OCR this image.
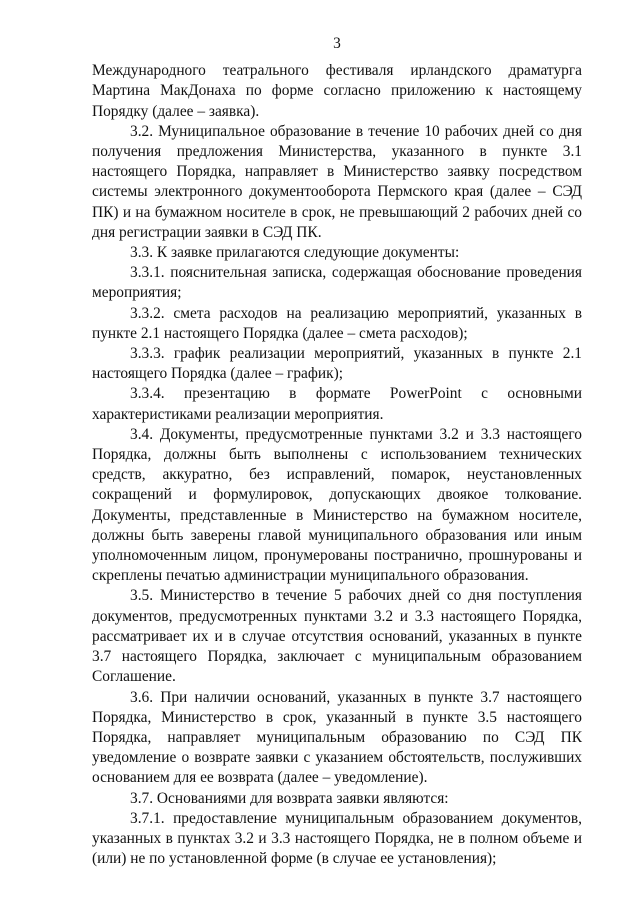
3

Международного театрального фестиваля ирландского драматурга Мартина МакДонаха по форме согласно приложению к настоящему Порядку (далее – заявка).

3.2. Муниципальное образование в течение 10 рабочих дней со дня получения предложения Министерства, указанного в пункте 3.1 настоящего Порядка, направляет в Министерство заявку посредством системы электронного документооборота Пермского края (далее – СЭД ПК) и на бумажном носителе в срок, не превышающий 2 рабочих дней со дня регистрации заявки в СЭД ПК.

3.3. К заявке прилагаются следующие документы:

3.3.1. пояснительная записка, содержащая обоснование проведения мероприятия;

3.3.2. смета расходов на реализацию мероприятий, указанных в пункте 2.1 настоящего Порядка (далее – смета расходов);

3.3.3. график реализации мероприятий, указанных в пункте 2.1 настоящего Порядка (далее – график);

3.3.4. презентацию в формате PowerPoint с основными характеристиками реализации мероприятия.

3.4. Документы, предусмотренные пунктами 3.2 и 3.3 настоящего Порядка, должны быть выполнены с использованием технических средств, аккуратно, без исправлений, помарок, неустановленных сокращений и формулировок, допускающих двоякое толкование. Документы, представленные в Министерство на бумажном носителе, должны быть заверены главой муниципального образования или иным уполномоченным лицом, пронумерованы постранично, прошнурованы и скреплены печатью администрации муниципального образования.

3.5. Министерство в течение 5 рабочих дней со дня поступления документов, предусмотренных пунктами 3.2 и 3.3 настоящего Порядка, рассматривает их и в случае отсутствия оснований, указанных в пункте 3.7 настоящего Порядка, заключает с муниципальным образованием Соглашение.

3.6. При наличии оснований, указанных в пункте 3.7 настоящего Порядка, Министерство в срок, указанный в пункте 3.5 настоящего Порядка, направляет муниципальным образованию по СЭД ПК уведомление о возврате заявки с указанием обстоятельств, послуживших основанием для ее возврата (далее – уведомление).

3.7. Основаниями для возврата заявки являются:

3.7.1. предоставление муниципальным образованием документов, указанных в пунктах 3.2 и 3.3 настоящего Порядка, не в полном объеме и (или) не по установленной форме (в случае ее установления);
